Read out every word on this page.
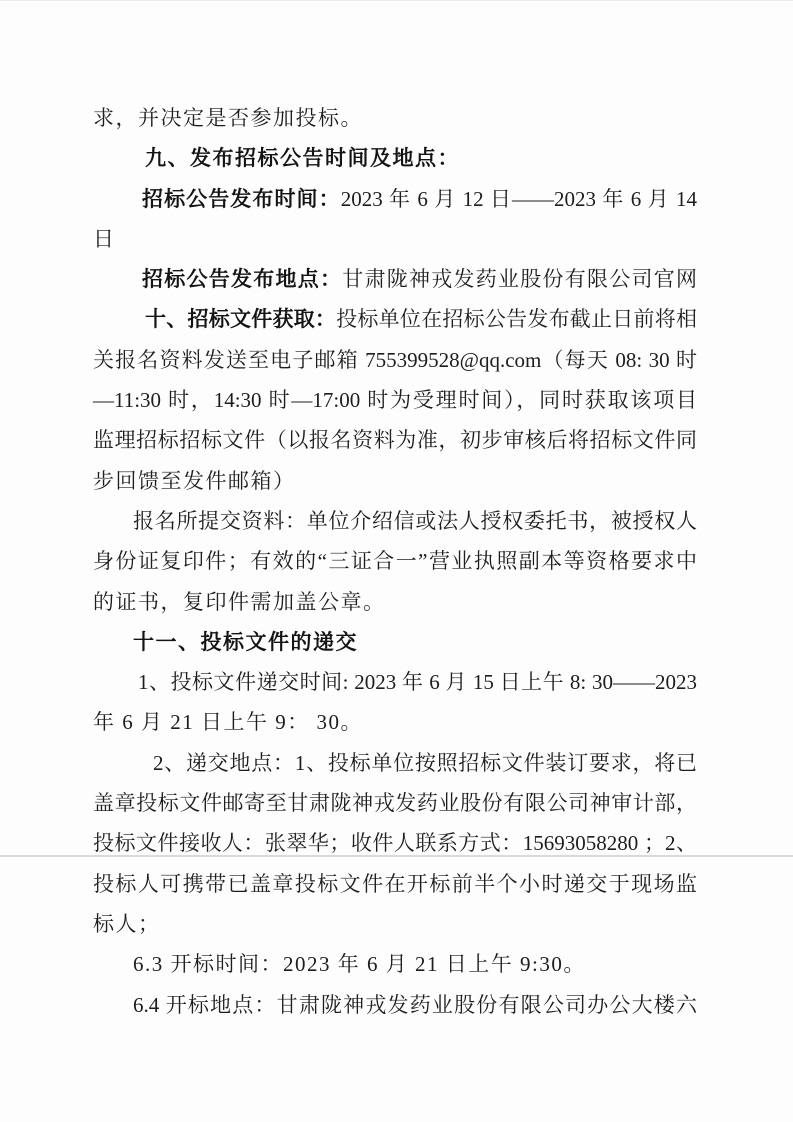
求，并决定是否参加投标。
九、发布招标公告时间及地点：
招标公告发布时间：2023 年 6 月 12 日——2023 年 6 月 14
日
招标公告发布地点：甘肃陇神戎发药业股份有限公司官网
十、招标文件获取：投标单位在招标公告发布截止日前将相
关报名资料发送至电子邮箱 755399528@qq.com（每天 08: 30 时
—11:30 时，14:30 时—17:00 时为受理时间），同时获取该项目
监理招标招标文件（以报名资料为准，初步审核后将招标文件同
步回馈至发件邮箱）
报名所提交资料：单位介绍信或法人授权委托书，被授权人
身份证复印件；有效的“三证合一”营业执照副本等资格要求中
的证书，复印件需加盖公章。
十一、投标文件的递交
1、投标文件递交时间: 2023 年 6 月 15 日上午 8: 30——2023
年 6 月 21 日上午 9： 30。
2、递交地点：1、投标单位按照招标文件装订要求，将已
盖章投标文件邮寄至甘肃陇神戎发药业股份有限公司神审计部，
投标文件接收人：张翠华；收件人联系方式：15693058280 ；2、
投标人可携带已盖章投标文件在开标前半个小时递交于现场监
标人；
6.3 开标时间：2023 年 6 月 21 日上午 9:30。
6.4 开标地点：甘肃陇神戎发药业股份有限公司办公大楼六
